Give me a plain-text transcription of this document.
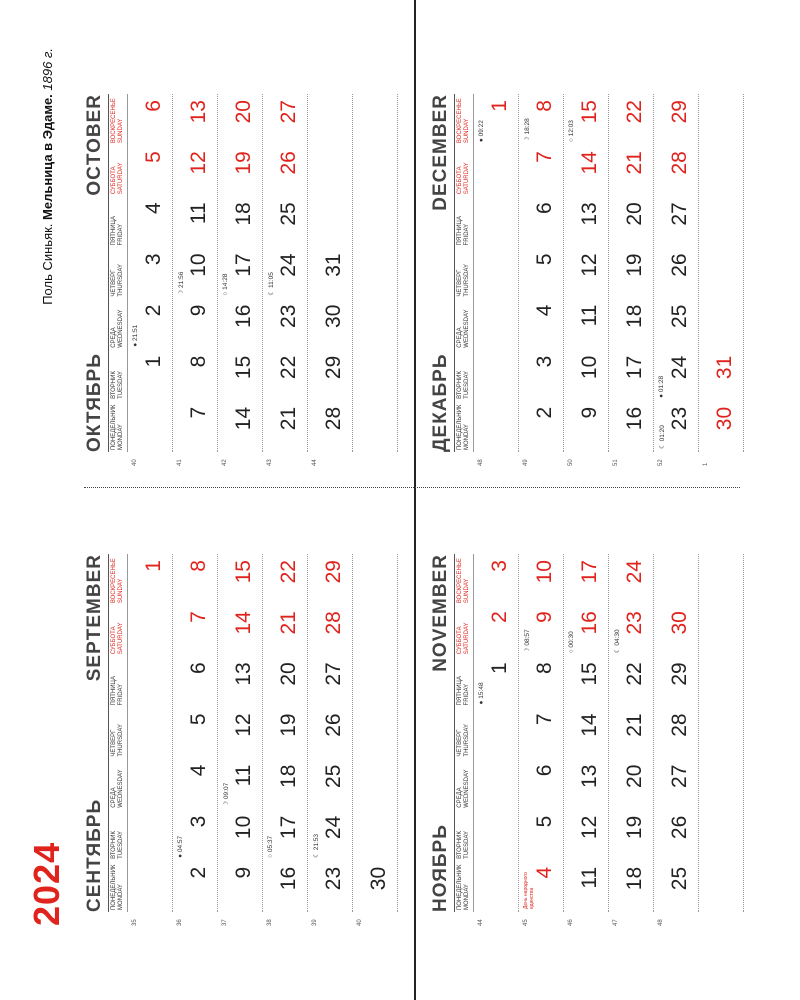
2024
Поль Синьяк. Мельница в Эдаме. 1896 г.
СЕНТЯБРЬ
SEPTEMBER
ПОНЕДЕЛЬНИК MONDAY
ВТОРНИК TUESDAY
СРЕДА WEDNESDAY
ЧЕТВЕРГ THURSDAY
ПЯТНИЦА FRIDAY
СУББОТА SATURDAY
ВОСКРЕСЕНЬЕ SUNDAY
35
1
36
2
3
● 04:57
4
5
6
7
8
37
9
10
11
☽ 09:07
12
13
14
15
38
16
17
○ 05:37
18
19
20
21
22
39
23
24
☾ 21:53
25
26
27
28
29
40
30
ОКТЯБРЬ
OCTOBER
ПОНЕДЕЛЬНИК MONDAY
ВТОРНИК TUESDAY
СРЕДА WEDNESDAY
ЧЕТВЕРГ THURSDAY
ПЯТНИЦА FRIDAY
СУББОТА SATURDAY
ВОСКРЕСЕНЬЕ SUNDAY
40
1
2
● 21:51
3
4
5
6
41
7
8
9
10
☽ 21:56
11
12
13
42
14
15
16
17
○ 14:28
18
19
20
43
21
22
23
24
☾ 11:05
25
26
27
44
28
29
30
31
НОЯБРЬ
NOVEMBER
ПОНЕДЕЛЬНИК MONDAY
ВТОРНИК TUESDAY
СРЕДА WEDNESDAY
ЧЕТВЕРГ THURSDAY
ПЯТНИЦА FRIDAY
СУББОТА SATURDAY
ВОСКРЕСЕНЬЕ SUNDAY
44
1
● 15:48
2
3
45
4
День народного единства
5
6
7
8
9
☽ 08:57
10
46
11
12
13
14
15
16
○ 00:30
17
47
18
19
20
21
22
23
☾ 04:30
24
48
25
26
27
28
29
30
ДЕКАБРЬ
DECEMBER
ПОНЕДЕЛЬНИК MONDAY
ВТОРНИК TUESDAY
СРЕДА WEDNESDAY
ЧЕТВЕРГ THURSDAY
ПЯТНИЦА FRIDAY
СУББОТА SATURDAY
ВОСКРЕСЕНЬЕ SUNDAY
48
1
● 09:22
49
2
3
4
5
6
7
8
☽ 18:28
50
9
10
11
12
13
14
15
○ 12:03
51
16
17
18
19
20
21
22
52
23
☾ 01:20
24
● 01:28
25
26
27
28
29
1
30
31
